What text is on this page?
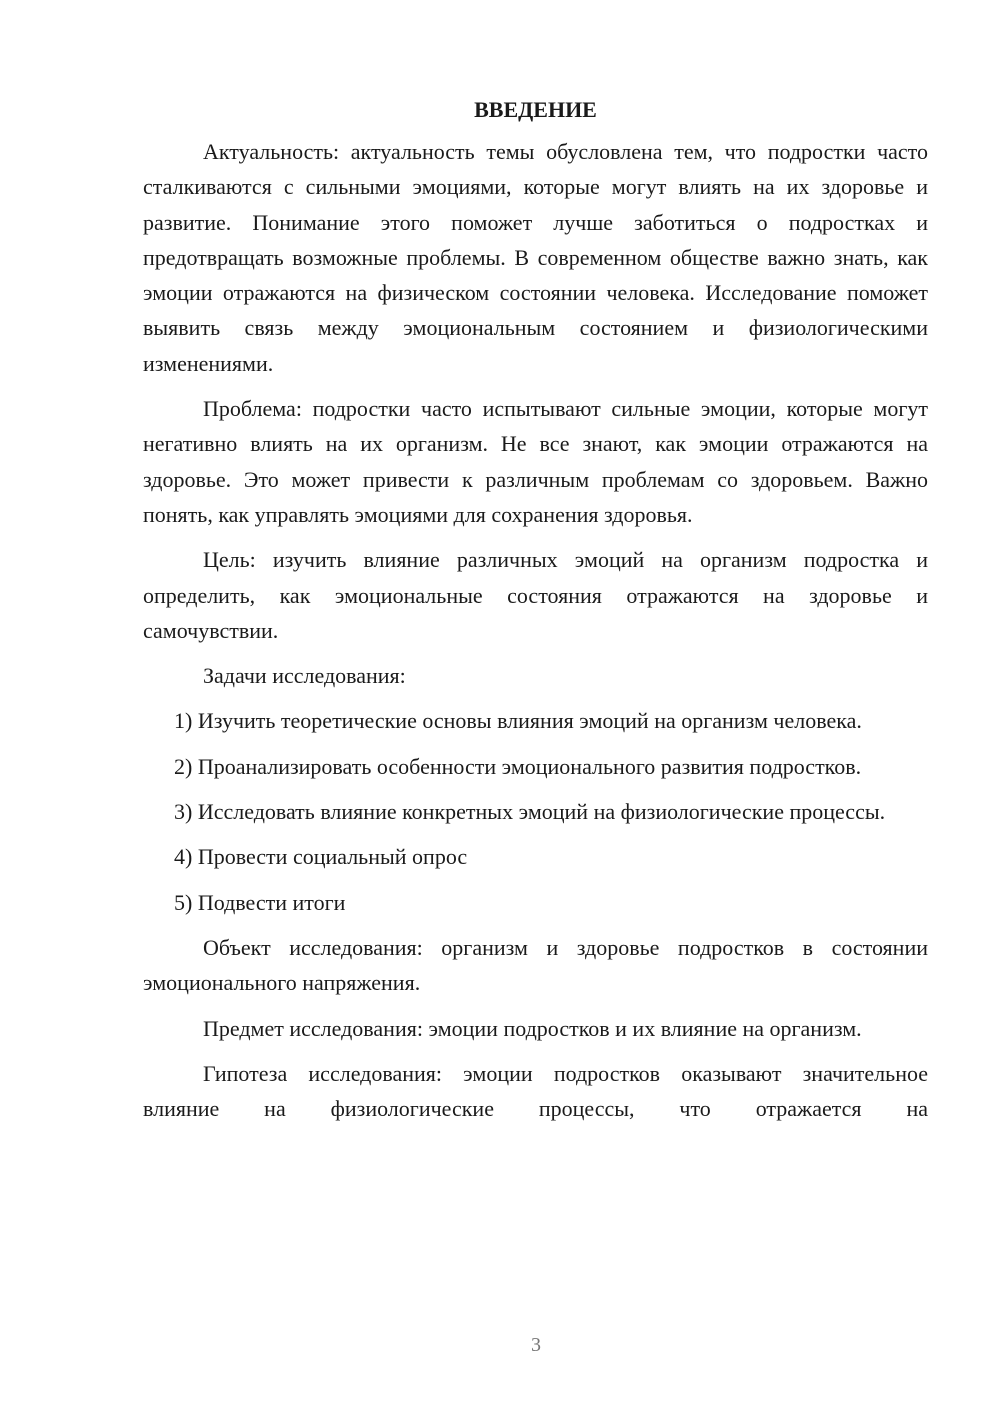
ВВЕДЕНИЕ

Актуальность: актуальность темы обусловлена тем, что подростки часто сталкиваются с сильными эмоциями, которые могут влиять на их здоровье и развитие. Понимание этого поможет лучше заботиться о подростках и предотвращать возможные проблемы. В современном обществе важно знать, как эмоции отражаются на физическом состоянии человека. Исследование поможет выявить связь между эмоциональным состоянием и физиологическими изменениями.

Проблема: подростки часто испытывают сильные эмоции, которые могут негативно влиять на их организм. Не все знают, как эмоции отражаются на здоровье. Это может привести к различным проблемам со здоровьем. Важно понять, как управлять эмоциями для сохранения здоровья.

Цель: изучить влияние различных эмоций на организм подростка и определить, как эмоциональные состояния отражаются на здоровье и самочувствии.

Задачи исследования:

1) Изучить теоретические основы влияния эмоций на организм человека.

2) Проанализировать особенности эмоционального развития подростков.

3) Исследовать влияние конкретных эмоций на физиологические процессы.

4) Провести социальный опрос

5) Подвести итоги

Объект исследования: организм и здоровье подростков в состоянии эмоционального напряжения.

Предмет исследования: эмоции подростков и их влияние на организм.

Гипотеза исследования: эмоции подростков оказывают значительное влияние на физиологические процессы, что отражается на

3
